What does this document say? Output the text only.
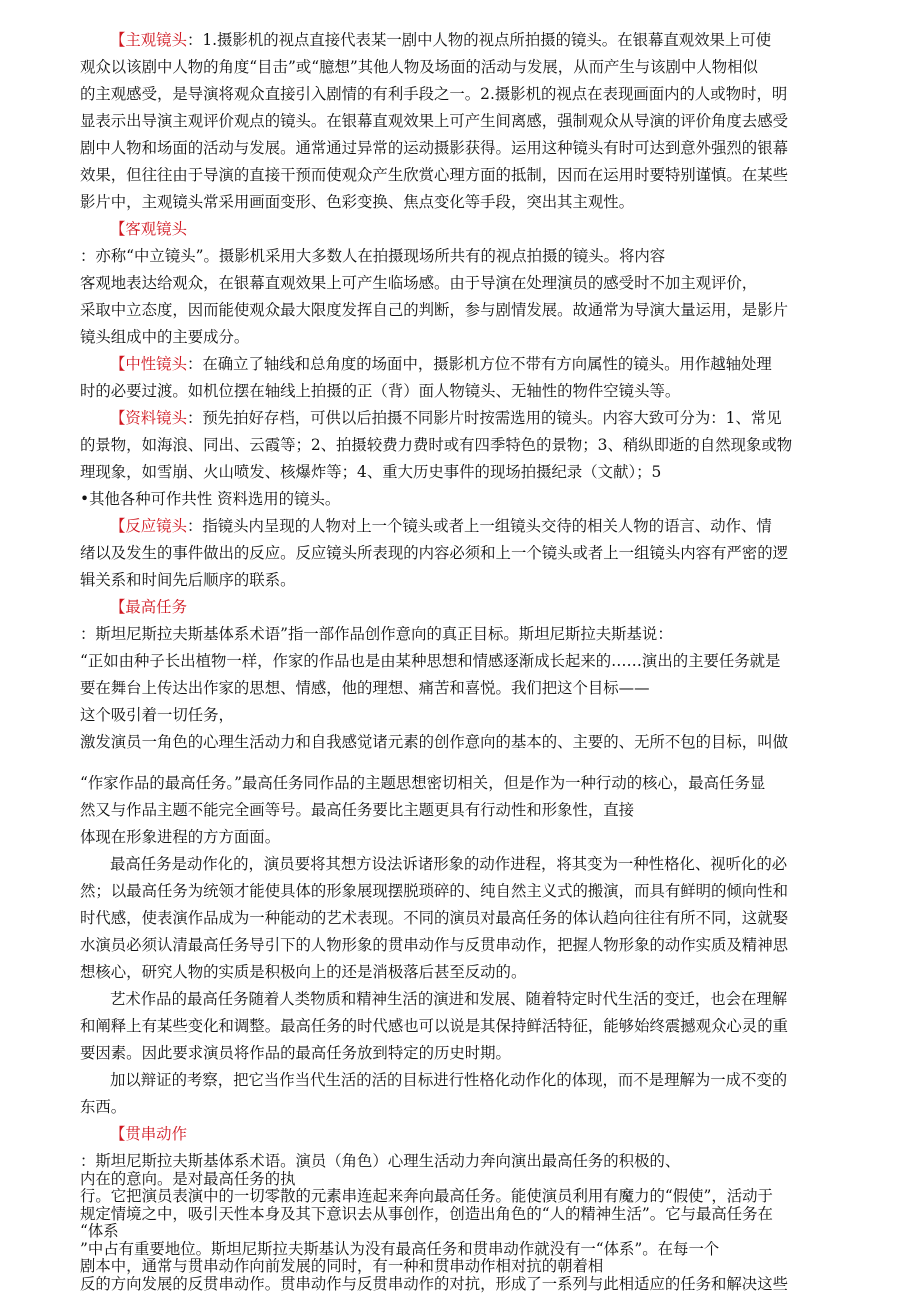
【主观镜头：1.摄影机的视点直接代表某一剧中人物的视点所拍摄的镜头。在银幕直观效果上可使
观众以该剧中人物的角度“目击”或“臆想”其他人物及场面的活动与发展，从而产生与该剧中人物相似
的主观感受，是导演将观众直接引入剧情的有利手段之一。2.摄影机的视点在表现画面内的人或物时，明
显表示出导演主观评价观点的镜头。在银幕直观效果上可产生间离感，强制观众从导演的评价角度去感受
剧中人物和场面的活动与发展。通常通过异常的运动摄影获得。运用这种镜头有时可达到意外强烈的银幕
效果，但往往由于导演的直接干预而使观众产生欣赏心理方面的抵制，因而在运用时要特别谨慎。在某些
影片中，主观镜头常采用画面变形、色彩变换、焦点变化等手段，突出其主观性。
【客观镜头
：亦称“中立镜头”。摄影机采用大多数人在拍摄现场所共有的视点拍摄的镜头。将内容
客观地表达给观众，在银幕直观效果上可产生临场感。由于导演在处理演员的感受时不加主观评价，
采取中立态度，因而能使观众最大限度发挥自己的判断，参与剧情发展。故通常为导演大量运用，是影片
镜头组成中的主要成分。
【中性镜头：在确立了轴线和总角度的场面中，摄影机方位不带有方向属性的镜头。用作越轴处理
时的必要过渡。如机位摆在轴线上拍摄的正（背）面人物镜头、无轴性的物件空镜头等。
【资料镜头：预先拍好存档，可供以后拍摄不同影片时按需选用的镜头。内容大致可分为：1、常见
的景物，如海浪、同出、云霞等；2、拍摄较费力费时或有四季特色的景物；3、稍纵即逝的自然现象或物
理现象，如雪崩、火山喷发、核爆炸等；4、重大历史事件的现场拍摄纪录（文献）；5
•其他各种可作共性 资料选用的镜头。
【反应镜头：指镜头内呈现的人物对上一个镜头或者上一组镜头交待的相关人物的语言、动作、情
绪以及发生的事件做出的反应。反应镜头所表现的内容必须和上一个镜头或者上一组镜头内容有严密的逻
辑关系和时间先后顺序的联系。
【最高任务
：斯坦尼斯拉夫斯基体系术语”指一部作品创作意向的真正目标。斯坦尼斯拉夫斯基说：
“正如由种子长出植物一样，作家的作品也是由某种思想和情感逐渐成长起来的……演出的主要任务就是
要在舞台上传达出作家的思想、情感，他的理想、痛苦和喜悦。我们把这个目标——
这个吸引着一切任务，
激发演员一角色的心理生活动力和自我感觉诸元素的创作意向的基本的、主要的、无所不包的目标，叫做
“作家作品的最高任务。”最高任务同作品的主题思想密切相关，但是作为一种行动的核心，最高任务显
然又与作品主题不能完全画等号。最高任务要比主题更具有行动性和形象性，直接
体现在形象进程的方方面面。
最高任务是动作化的，演员要将其想方设法诉诸形象的动作进程，将其变为一种性格化、视听化的必
然；以最高任务为统领才能使具体的形象展现摆脱琐碎的、纯自然主义式的搬演，而具有鲜明的倾向性和
时代感，使表演作品成为一种能动的艺术表现。不同的演员对最高任务的体认趋向往往有所不同，这就娶
水演员必须认清最高任务导引下的人物形象的贯串动作与反贯串动作，把握人物形象的动作实质及精神思
想核心，研究人物的实质是积极向上的还是消极落后甚至反动的。
艺术作品的最高任务随着人类物质和精神生活的演进和发展、随着特定时代生活的变迁，也会在理解
和阐释上有某些变化和调整。最高任务的时代感也可以说是其保持鲜活特征，能够始终震撼观众心灵的重
要因素。因此要求演员将作品的最高任务放到特定的历史时期。
加以辩证的考察，把它当作当代生活的活的目标进行性格化动作化的体现，而不是理解为一成不变的
东西。
【贯串动作
：斯坦尼斯拉夫斯基体系术语。演员（角色）心理生活动力奔向演出最高任务的积极的、
内在的意向。是对最高任务的执
行。它把演员表演中的一切零散的元素串连起来奔向最高任务。能使演员利用有魔力的“假使”，活动于
规定情境之中，吸引天性本身及其下意识去从事创作，创造出角色的“人的精神生活”。它与最高任务在
“体系
”中占有重要地位。斯坦尼斯拉夫斯基认为没有最高任务和贯串动作就没有一“体系”。在每一个
剧本中，通常与贯串动作向前发展的同时，有一种和贯串动作相对抗的朝着相
反的方向发展的反贯串动作。贯串动作与反贯串动作的对抗，形成了一系列与此相适应的任务和解决这些
